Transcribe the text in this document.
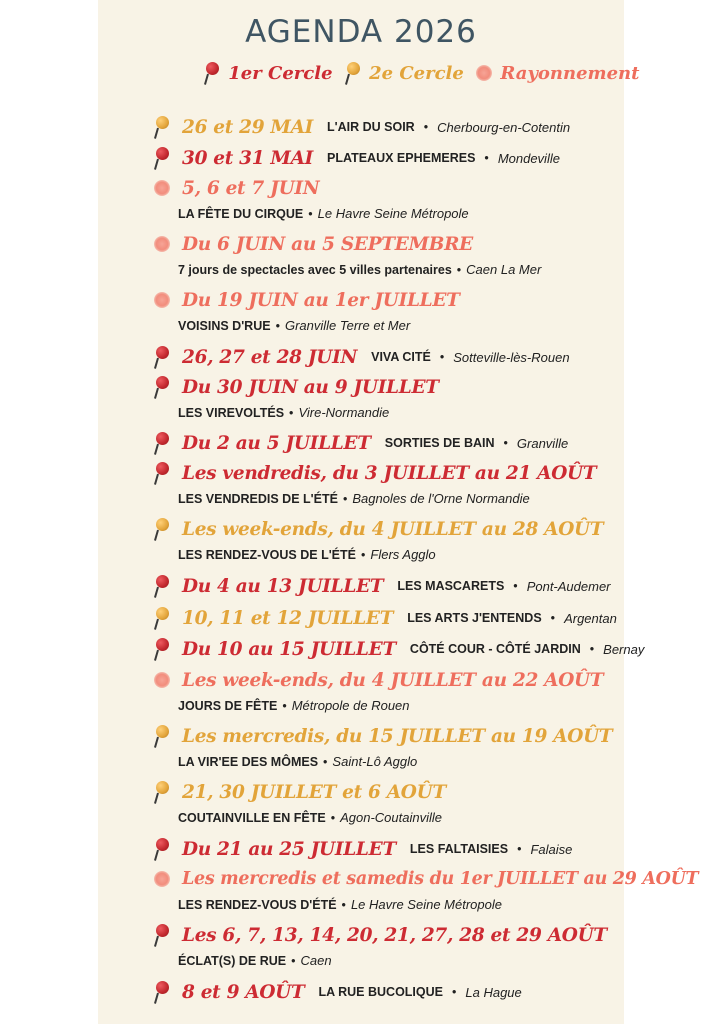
AGENDA 2026
1er Cercle 2e Cercle Rayonnement
26 et 29 MAI L'AIR DU SOIR • Cherbourg-en-Cotentin
30 et 31 MAI PLATEAUX EPHEMERES • Mondeville
5, 6 et 7 JUIN
LA FÊTE DU CIRQUE • Le Havre Seine Métropole
Du 6 JUIN au 5 SEPTEMBRE
7 jours de spectacles avec 5 villes partenaires • Caen La Mer
Du 19 JUIN au 1er JUILLET
VOISINS D'RUE • Granville Terre et Mer
26, 27 et 28 JUIN VIVA CITÉ • Sotteville-lès-Rouen
Du 30 JUIN au 9 JUILLET
LES VIREVOLTÉS • Vire-Normandie
Du 2 au 5 JUILLET SORTIES DE BAIN • Granville
Les vendredis, du 3 JUILLET au 21 AOÛT
LES VENDREDIS DE L'ÉTÉ • Bagnoles de l'Orne Normandie
Les week-ends, du 4 JUILLET au 28 AOÛT
LES RENDEZ-VOUS DE L'ÉTÉ • Flers Agglo
Du 4 au 13 JUILLET LES MASCARETS • Pont-Audemer
10, 11 et 12 JUILLET LES ARTS J'ENTENDS • Argentan
Du 10 au 15 JUILLET CÔTÉ COUR - CÔTÉ JARDIN • Bernay
Les week-ends, du 4 JUILLET au 22 AOÛT
JOURS DE FÊTE • Métropole de Rouen
Les mercredis, du 15 JUILLET au 19 AOÛT
LA VIR'EE DES MÔMES • Saint-Lô Agglo
21, 30 JUILLET et 6 AOÛT
COUTAINVILLE EN FÊTE • Agon-Coutainville
Du 21 au 25 JUILLET LES FALTAISIES • Falaise
Les mercredis et samedis du 1er JUILLET au 29 AOÛT
LES RENDEZ-VOUS D'ÉTÉ • Le Havre Seine Métropole
Les 6, 7, 13, 14, 20, 21, 27, 28 et 29 AOÛT
ÉCLAT(S) DE RUE • Caen
8 et 9 AOÛT LA RUE BUCOLIQUE • La Hague
